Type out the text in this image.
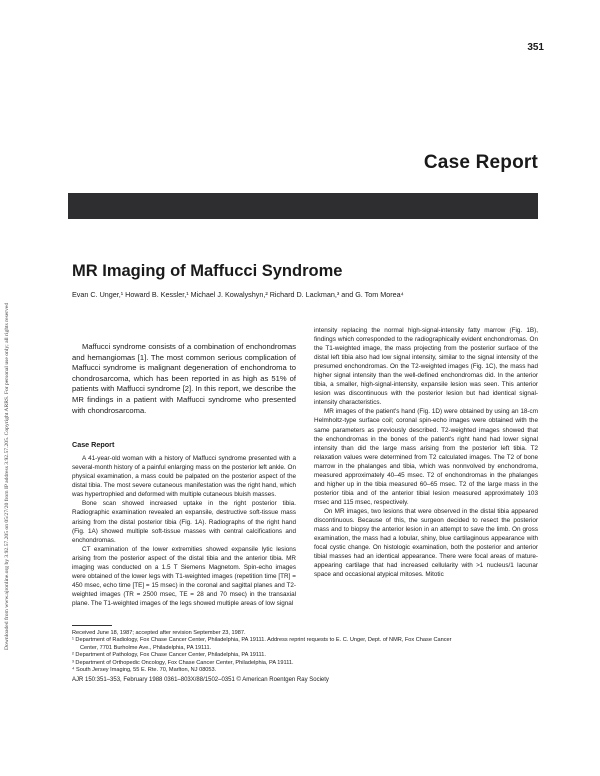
Downloaded from www.ajronline.org by 3.92.57.205 on 05/27/20 from IP address 3.92.57.205. Copyright ARRS. For personal use only; all rights reserved
351
Case Report
MR Imaging of Maffucci Syndrome
Evan C. Unger,¹ Howard B. Kessler,¹ Michael J. Kowalyshyn,² Richard D. Lackman,³ and G. Tom Morea⁴

Maffucci syndrome consists of a combination of enchondromas and hemangiomas [1]. The most common serious complication of Maffucci syndrome is malignant degeneration of enchondroma to chondrosarcoma, which has been reported in as high as 51% of patients with Maffucci syndrome [2]. In this report, we describe the MR findings in a patient with Maffucci syndrome who presented with chondrosarcoma.

Case Report

A 41-year-old woman with a history of Maffucci syndrome presented with a several-month history of a painful enlarging mass on the posterior left ankle. On physical examination, a mass could be palpated on the posterior aspect of the distal tibia. The most severe cutaneous manifestation was the right hand, which was hypertrophied and deformed with multiple cutaneous bluish masses.

Bone scan showed increased uptake in the right posterior tibia. Radiographic examination revealed an expansile, destructive soft-tissue mass arising from the distal posterior tibia (Fig. 1A). Radiographs of the right hand (Fig. 1A) showed multiple soft-tissue masses with central calcifications and enchondromas.

CT examination of the lower extremities showed expansile lytic lesions arising from the posterior aspect of the distal tibia and the anterior tibia. MR imaging was conducted on a 1.5 T Siemens Magnetom. Spin-echo images were obtained of the lower legs with T1-weighted images (repetition time [TR] = 450 msec, echo time [TE] = 15 msec) in the coronal and sagittal planes and T2-weighted images (TR = 2500 msec, TE = 28 and 70 msec) in the transaxial plane. The T1-weighted images of the legs showed multiple areas of low signal

intensity replacing the normal high-signal-intensity fatty marrow (Fig. 1B), findings which corresponded to the radiographically evident enchondromas. On the T1-weighted image, the mass projecting from the posterior surface of the distal left tibia also had low signal intensity, similar to the signal intensity of the presumed enchondromas. On the T2-weighted images (Fig. 1C), the mass had higher signal intensity than the well-defined enchondromas did. In the anterior tibia, a smaller, high-signal-intensity, expansile lesion was seen. This anterior lesion was discontinuous with the posterior lesion but had identical signal-intensity characteristics.

MR images of the patient's hand (Fig. 1D) were obtained by using an 18-cm Helmholtz-type surface coil; coronal spin-echo images were obtained with the same parameters as previously described. T2-weighted images showed that the enchondromas in the bones of the patient's right hand had lower signal intensity than did the large mass arising from the posterior left tibia. T2 relaxation values were determined from T2 calculated images. The T2 of bone marrow in the phalanges and tibia, which was nonnvolved by enchondroma, measured approximately 40–45 msec. T2 of enchondromas in the phalanges and higher up in the tibia measured 60–65 msec. T2 of the large mass in the posterior tibia and of the anterior tibial lesion measured approximately 103 msec and 115 msec, respectively.

On MR images, two lesions that were observed in the distal tibia appeared discontinuous. Because of this, the surgeon decided to resect the posterior mass and to biopsy the anterior lesion in an attempt to save the limb. On gross examination, the mass had a lobular, shiny, blue cartilaginous appearance with focal cystic change. On histologic examination, both the posterior and anterior tibial masses had an identical appearance. There were focal areas of mature-appearing cartilage that had increased cellularity with >1 nucleus/1 lacunar space and occasional atypical mitoses. Mitotic

Received June 18, 1987; accepted after revision September 23, 1987.
¹ Department of Radiology, Fox Chase Cancer Center, Philadelphia, PA 19111. Address reprint requests to E. C. Unger, Dept. of NMR, Fox Chase Cancer
Center, 7701 Burholme Ave., Philadelphia, PA 19111.
² Department of Pathology, Fox Chase Cancer Center, Philadelphia, PA 19111.
³ Department of Orthopedic Oncology, Fox Chase Cancer Center, Philadelphia, PA 19111.
⁴ South Jersey Imaging, 55 E. Rte. 70, Marlton, NJ 08053.
AJR 150:351–353, February 1988 0361–803X/88/1502–0351 © American Roentgen Ray Society
